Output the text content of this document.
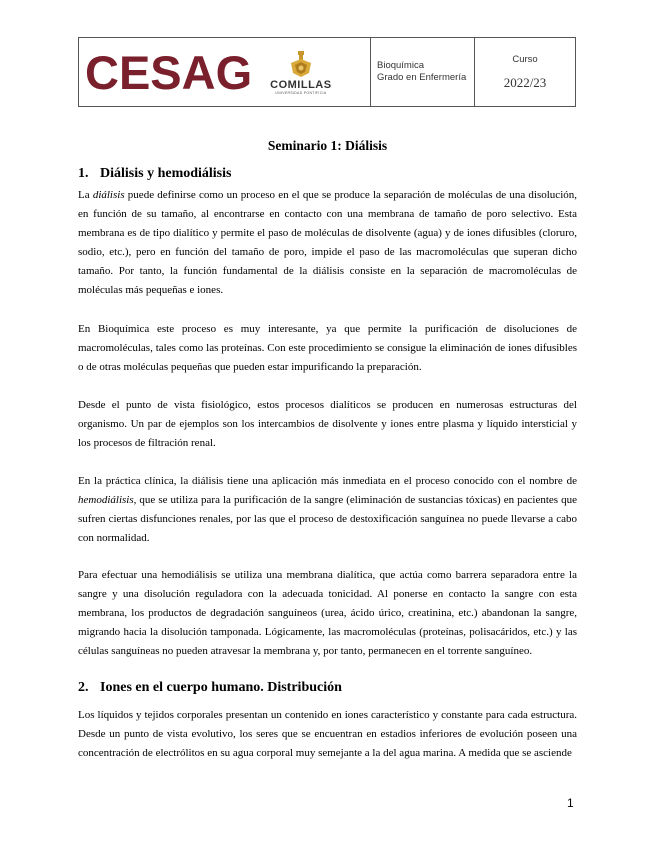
CESAG COMILLAS
UNIVERSIDAD PONTIFICIA
Bioquímica
Grado en Enfermería
Curso
2022/23
Seminario 1: Diálisis
1. Diálisis y hemodiálisis

La diálisis puede definirse como un proceso en el que se produce la separación de moléculas de una disolución, en función de su tamaño, al encontrarse en contacto con una membrana de tamaño de poro selectivo. Esta membrana es de tipo dialítico y permite el paso de moléculas de disolvente (agua) y de iones difusibles (cloruro, sodio, etc.), pero en función del tamaño de poro, impide el paso de las macromoléculas que superan dicho tamaño. Por tanto, la función fundamental de la diálisis consiste en la separación de macromoléculas de moléculas más pequeñas e iones.

En Bioquímica este proceso es muy interesante, ya que permite la purificación de disoluciones de macromoléculas, tales como las proteínas. Con este procedimiento se consigue la eliminación de iones difusibles o de otras moléculas pequeñas que pueden estar impurificando la preparación.

Desde el punto de vista fisiológico, estos procesos dialíticos se producen en numerosas estructuras del organismo. Un par de ejemplos son los intercambios de disolvente y iones entre plasma y líquido intersticial y los procesos de filtración renal.

En la práctica clínica, la diálisis tiene una aplicación más inmediata en el proceso conocido con el nombre de hemodiálisis, que se utiliza para la purificación de la sangre (eliminación de sustancias tóxicas) en pacientes que sufren ciertas disfunciones renales, por las que el proceso de destoxificación sanguínea no puede llevarse a cabo con normalidad.

Para efectuar una hemodiálisis se utiliza una membrana dialítica, que actúa como barrera separadora entre la sangre y una disolución reguladora con la adecuada tonicidad. Al ponerse en contacto la sangre con esta membrana, los productos de degradación sanguíneos (urea, ácido úrico, creatinina, etc.) abandonan la sangre, migrando hacia la disolución tamponada. Lógicamente, las macromoléculas (proteínas, polisacáridos, etc.) y las células sanguíneas no pueden atravesar la membrana y, por tanto, permanecen en el torrente sanguíneo.

2. Iones en el cuerpo humano. Distribución

Los líquidos y tejidos corporales presentan un contenido en iones característico y constante para cada estructura. Desde un punto de vista evolutivo, los seres que se encuentran en estadios inferiores de evolución poseen una concentración de electrólitos en su agua corporal muy semejante a la del agua marina. A medida que se asciende

1
